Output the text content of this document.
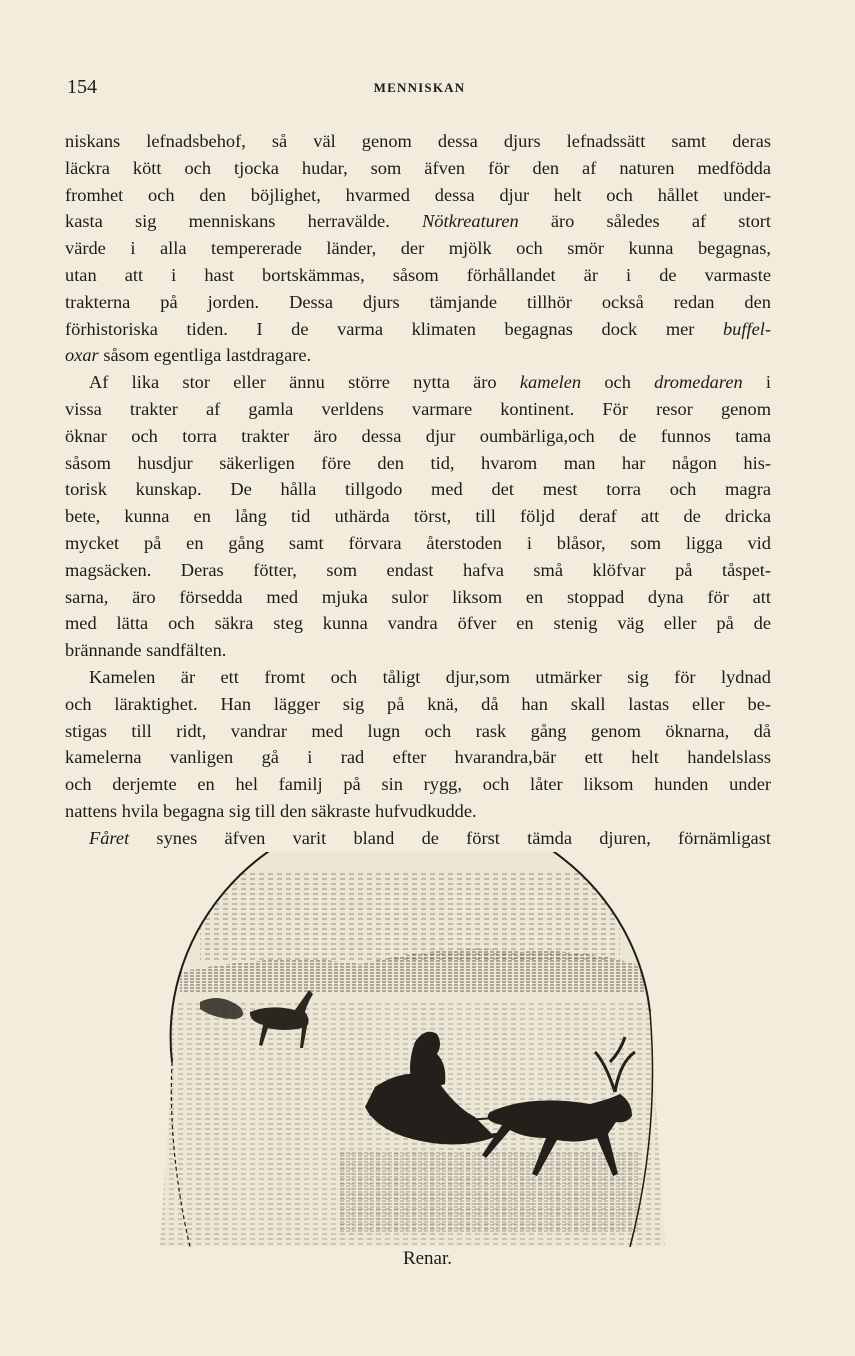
154	MENNISKAN
niskans lefnadsbehof, så väl genom dessa djurs lefnadssätt samt deras
läckra kött och tjocka hudar, som äfven för den af naturen medfödda
fromhet och den böjlighet, hvarmed dessa djur helt och hållet under-
kasta sig menniskans herravälde. Nötkreaturen äro således af stort
värde i alla tempererade länder, der mjölk och smör kunna begagnas,
utan att i hast bortskämmas, såsom förhållandet är i de varmaste
trakterna på jorden. Dessa djurs tämjande tillhör också redan den
förhistoriska tiden. I de varma klimaten begagnas dock mer buffel-
oxar såsom egentliga lastdragare.
Af lika stor eller ännu större nytta äro kamelen och dromedaren i
vissa trakter af gamla verldens varmare kontinent. För resor genom
öknar och torra trakter äro dessa djur oumbärliga,och de funnos tama
såsom husdjur säkerligen före den tid, hvarom man har någon his-
torisk kunskap. De hålla tillgodo med det mest torra och magra
bete, kunna en lång tid uthärda törst, till följd deraf att de dricka
mycket på en gång samt förvara återstoden i blåsor, som ligga vid
magsäcken. Deras fötter, som endast hafva små klöfvar på tåspet-
sarna, äro försedda med mjuka sulor liksom en stoppad dyna för att
med lätta och säkra steg kunna vandra öfver en stenig väg eller på de
brännande sandfälten.
Kamelen är ett fromt och tåligt djur,som utmärker sig för lydnad
och läraktighet. Han lägger sig på knä, då han skall lastas eller be-
stigas till ridt, vandrar med lugn och rask gång genom öknarna, då
kamelerna vanligen gå i rad efter hvarandra,bär ett helt handelslass
och derjemte en hel familj på sin rygg, och låter liksom hunden under
nattens hvila begagna sig till den säkraste hufvudkudde.
Fåret synes äfven varit bland de först tämda djuren, förnämligast
Renar.
